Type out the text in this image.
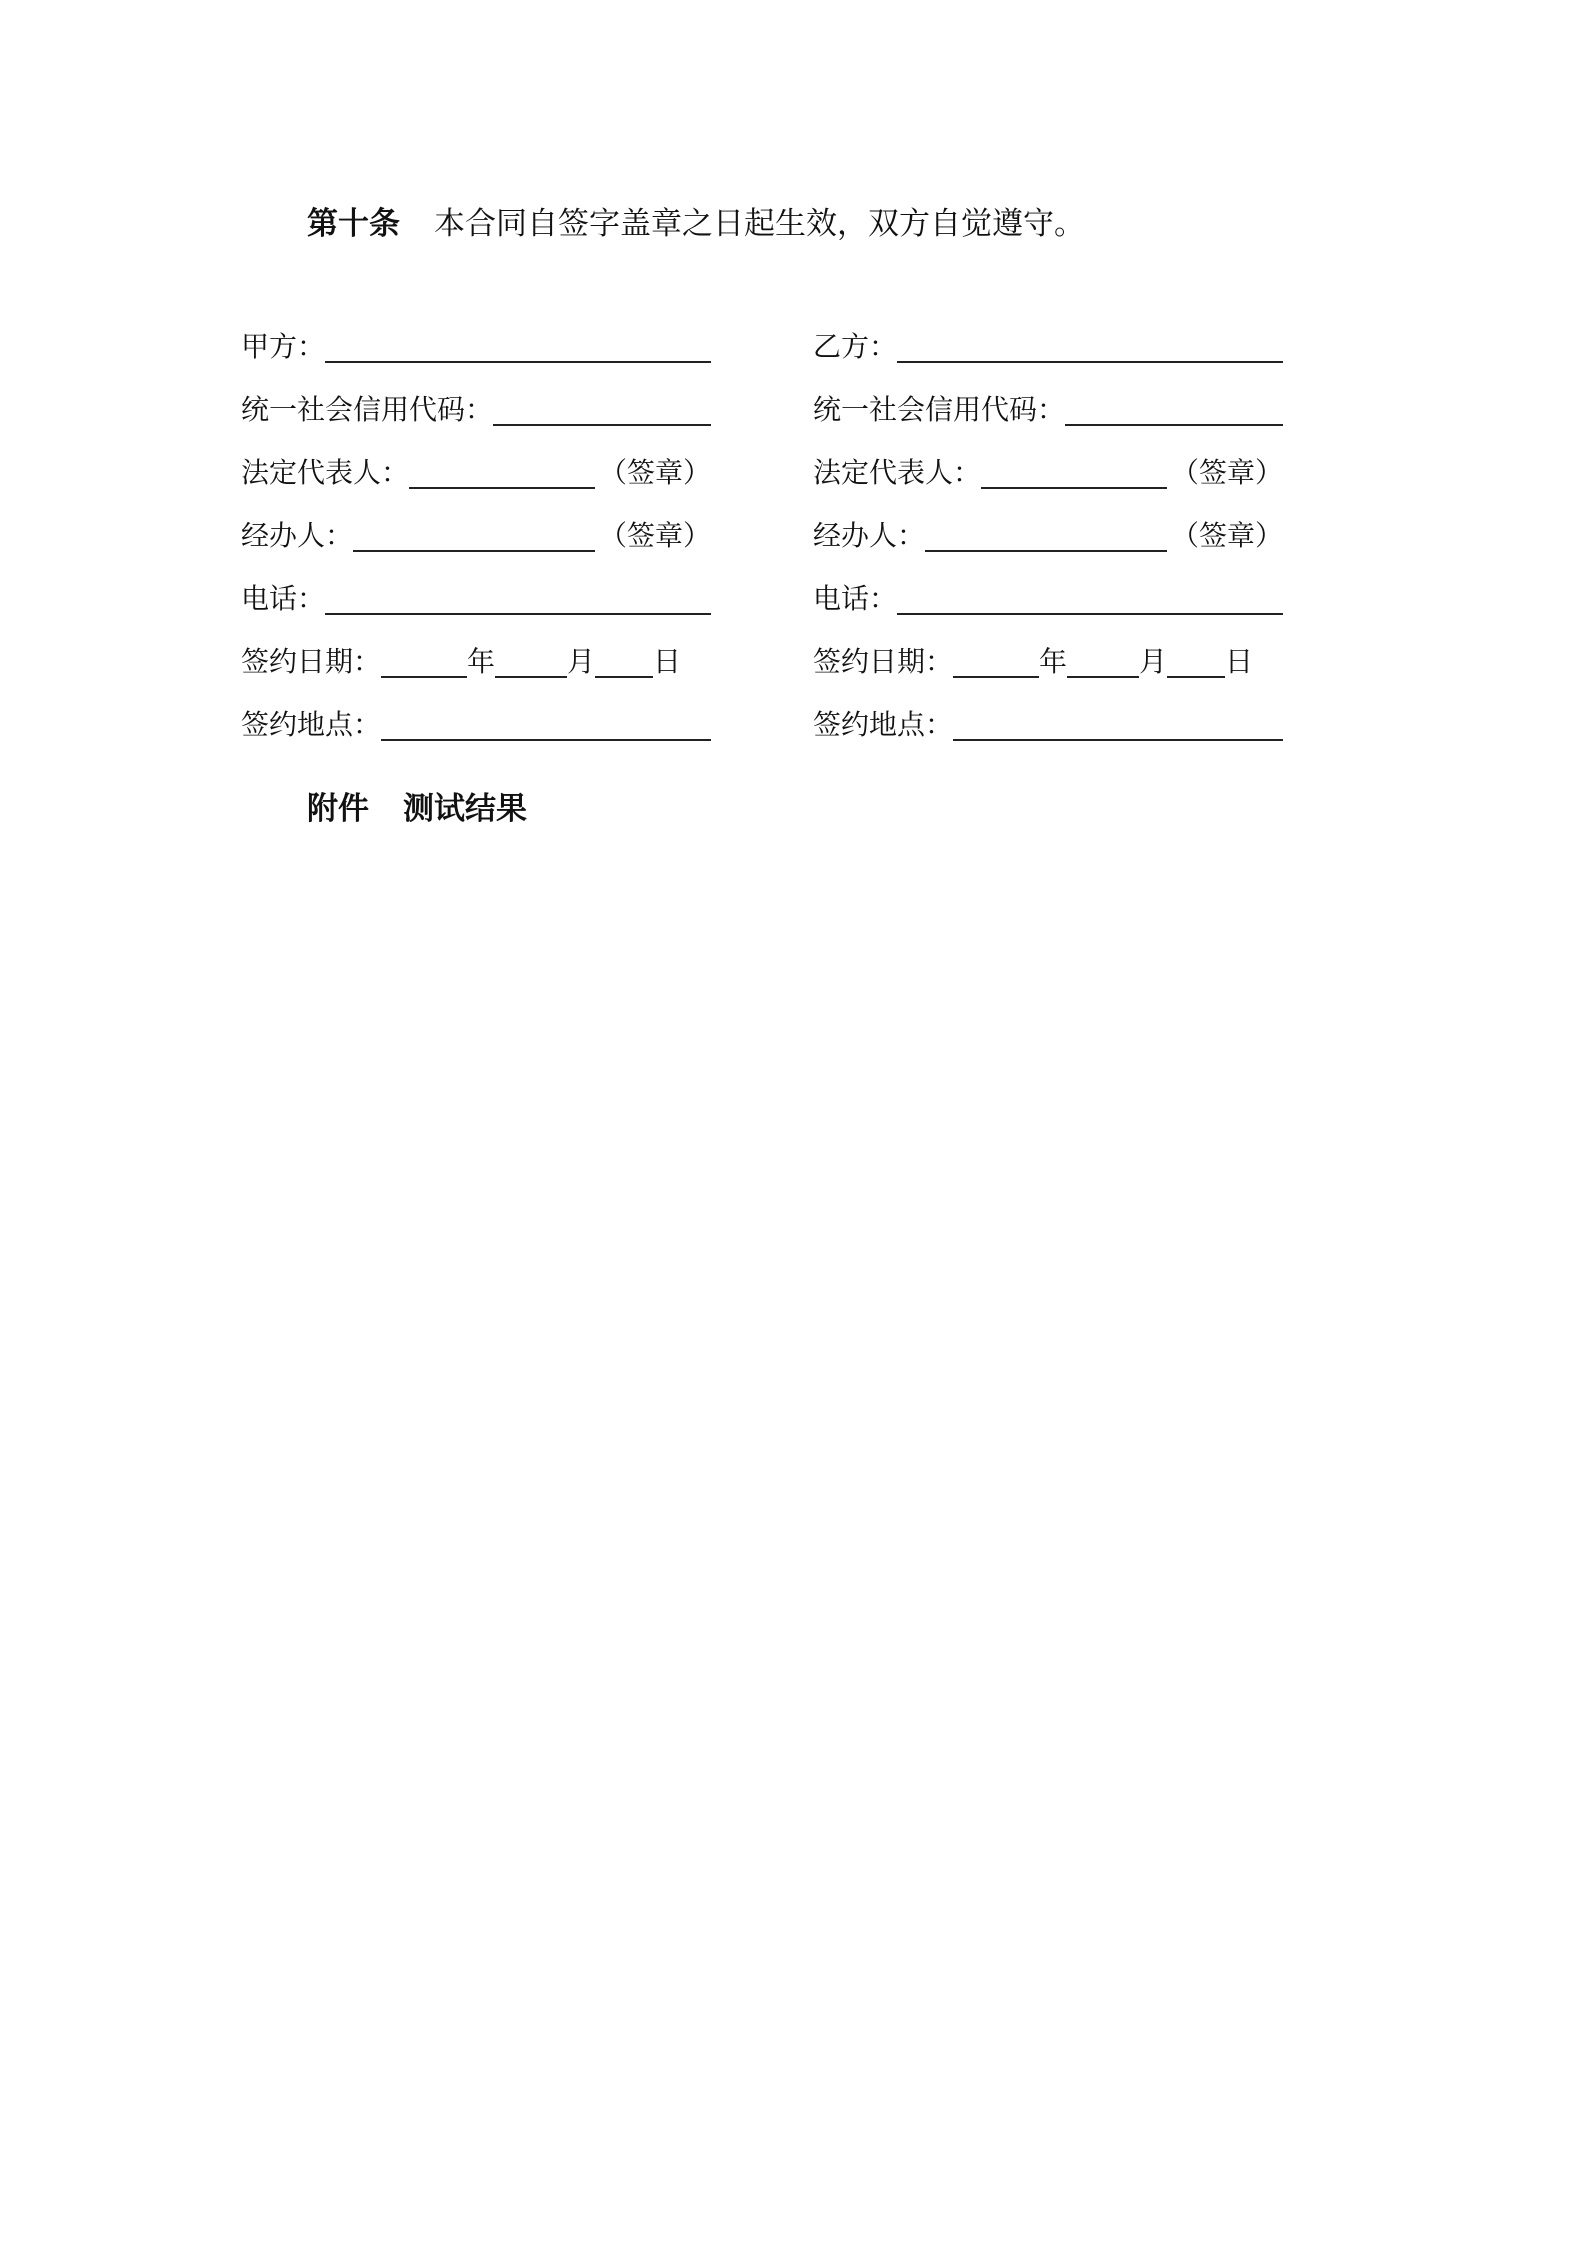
第十条 本合同自签字盖章之日起生效，双方自觉遵守。
甲方：
统一社会信用代码：
法定代表人：	（签章）
经办人：	（签章）
电话：
签约日期：	年	月 日
签约地点：
乙方：
统一社会信用代码：
法定代表人：	（签章）
经办人：	（签章）
电话：
签约日期：	年	月 日
签约地点：
附件 测试结果
